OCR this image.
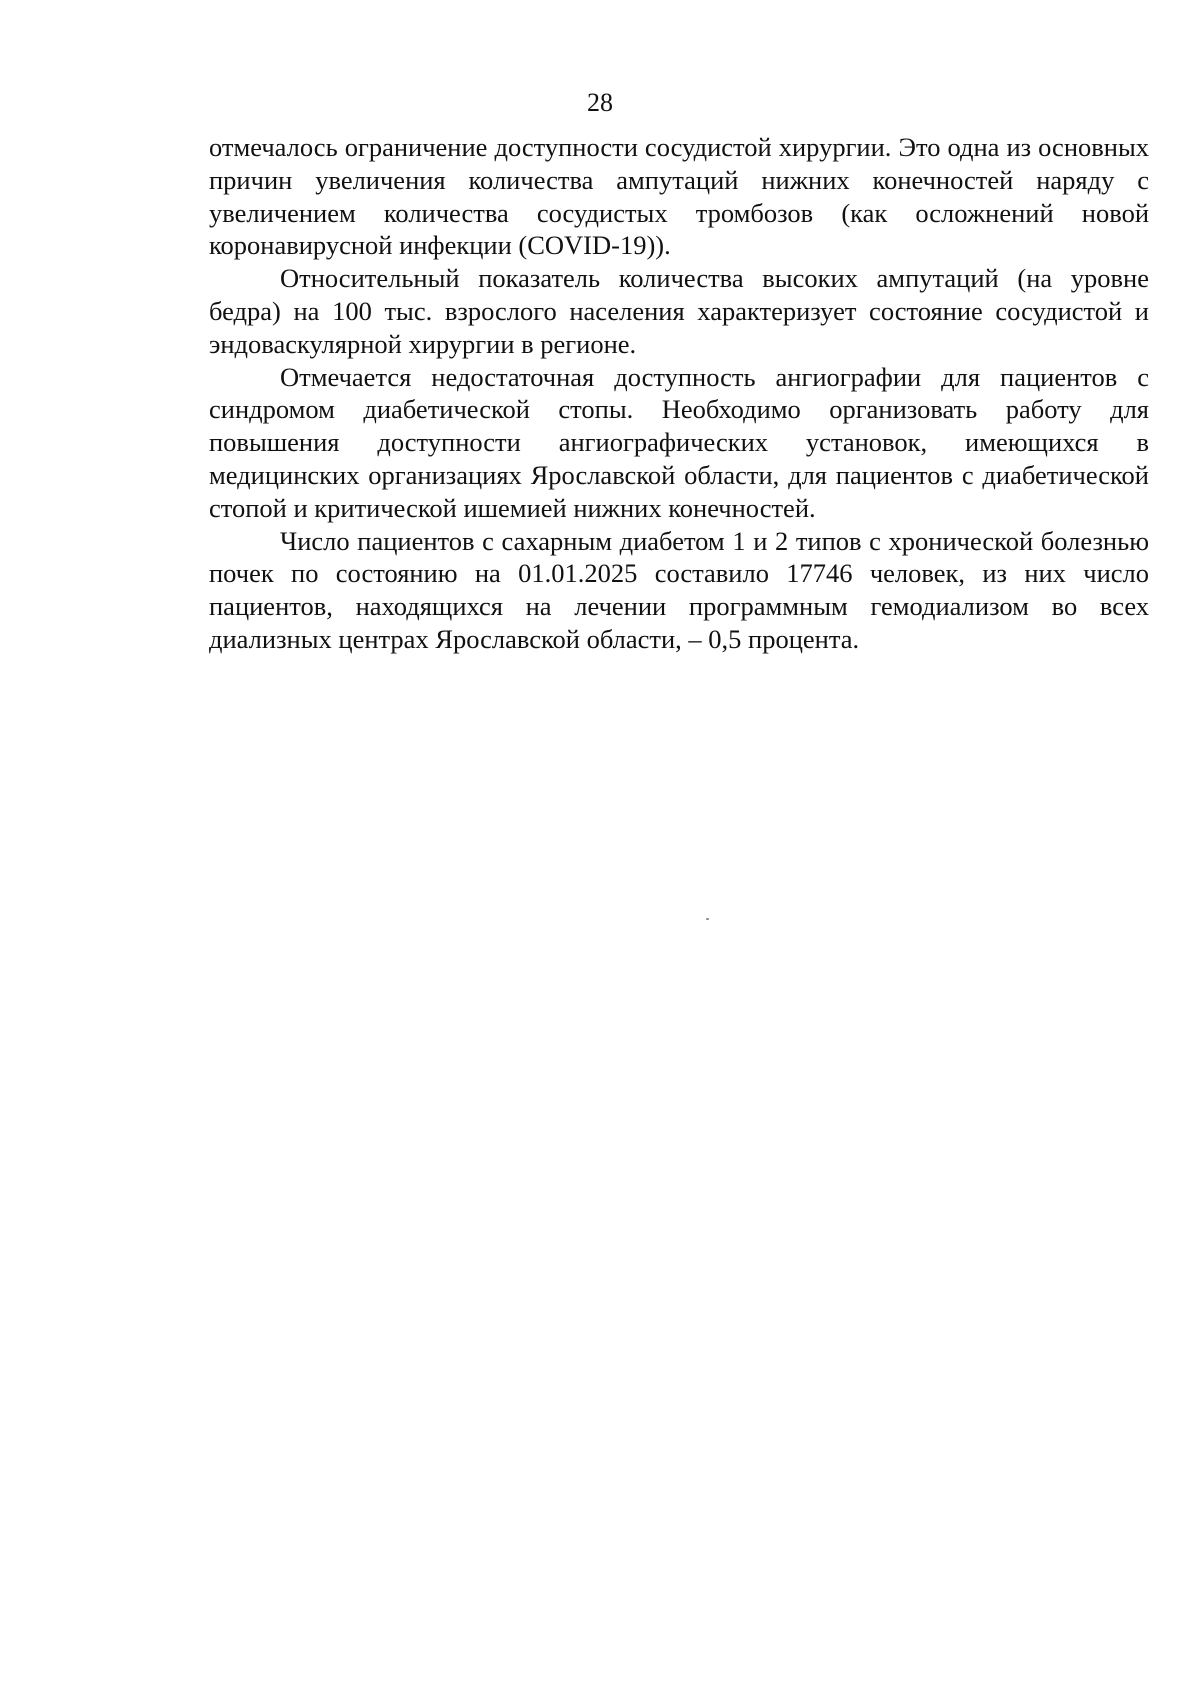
28

отмечалось ограничение доступности сосудистой хирургии. Это одна из основных причин увеличения количества ампутаций нижних конечностей наряду с увеличением количества сосудистых тромбозов (как осложнений новой коронавирусной инфекции (COVID-19)).

Относительный показатель количества высоких ампутаций (на уровне бедра) на 100 тыс. взрослого населения характеризует состояние сосудистой и эндоваскулярной хирургии в регионе.

Отмечается недостаточная доступность ангиографии для пациентов с синдромом диабетической стопы. Необходимо организовать работу для повышения доступности ангиографических установок, имеющихся в медицинских организациях Ярославской области, для пациентов с диабетической стопой и критической ишемией нижних конечностей.

Число пациентов с сахарным диабетом 1 и 2 типов с хронической болезнью почек по состоянию на 01.01.2025 составило 17746 человек, из них число пациентов, находящихся на лечении программным гемодиализом во всех диализных центрах Ярославской области, – 0,5 процента.
